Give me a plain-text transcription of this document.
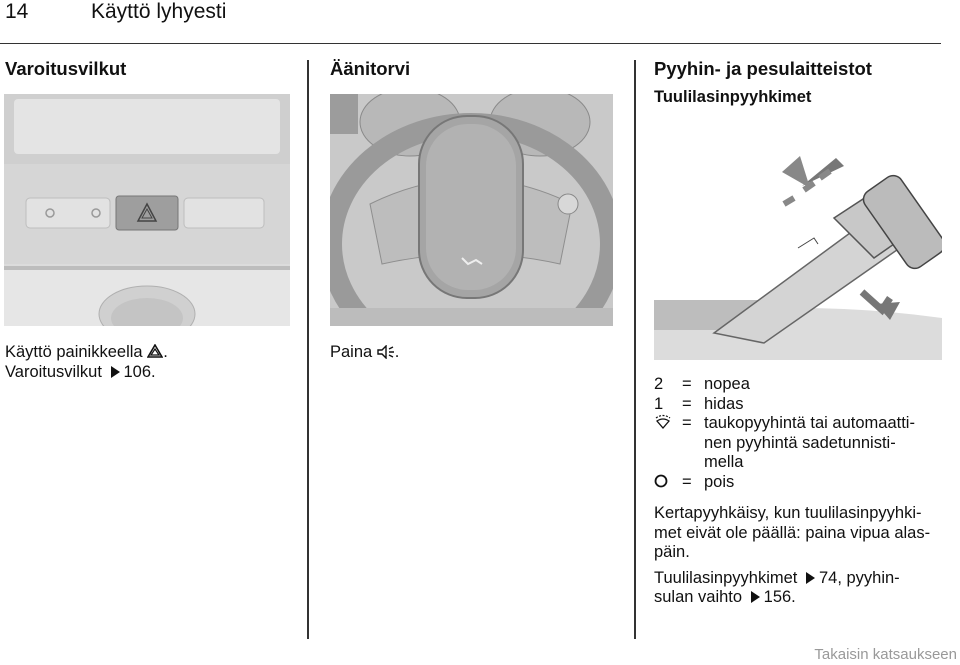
14	Käyttö lyhyesti
Varoitusvilkut
Käyttö painikkeella .
Varoitusvilkut 106.
Äänitorvi
Paina .
Pyyhin- ja pesulaitteistot
Tuulilasinpyyhkimet
2	= nopea
1	= hidas
= taukopyyhintä tai automaatti-
nen pyyhintä sadetunnisti-
mella
= pois
Kertapyyhkäisy, kun tuulilasinpyyhki-
met eivät ole päällä: paina vipua alas-
päin.
Tuulilasinpyyhkimet 74, pyyhin-
sulan vaihto 156.
Takaisin katsaukseen
